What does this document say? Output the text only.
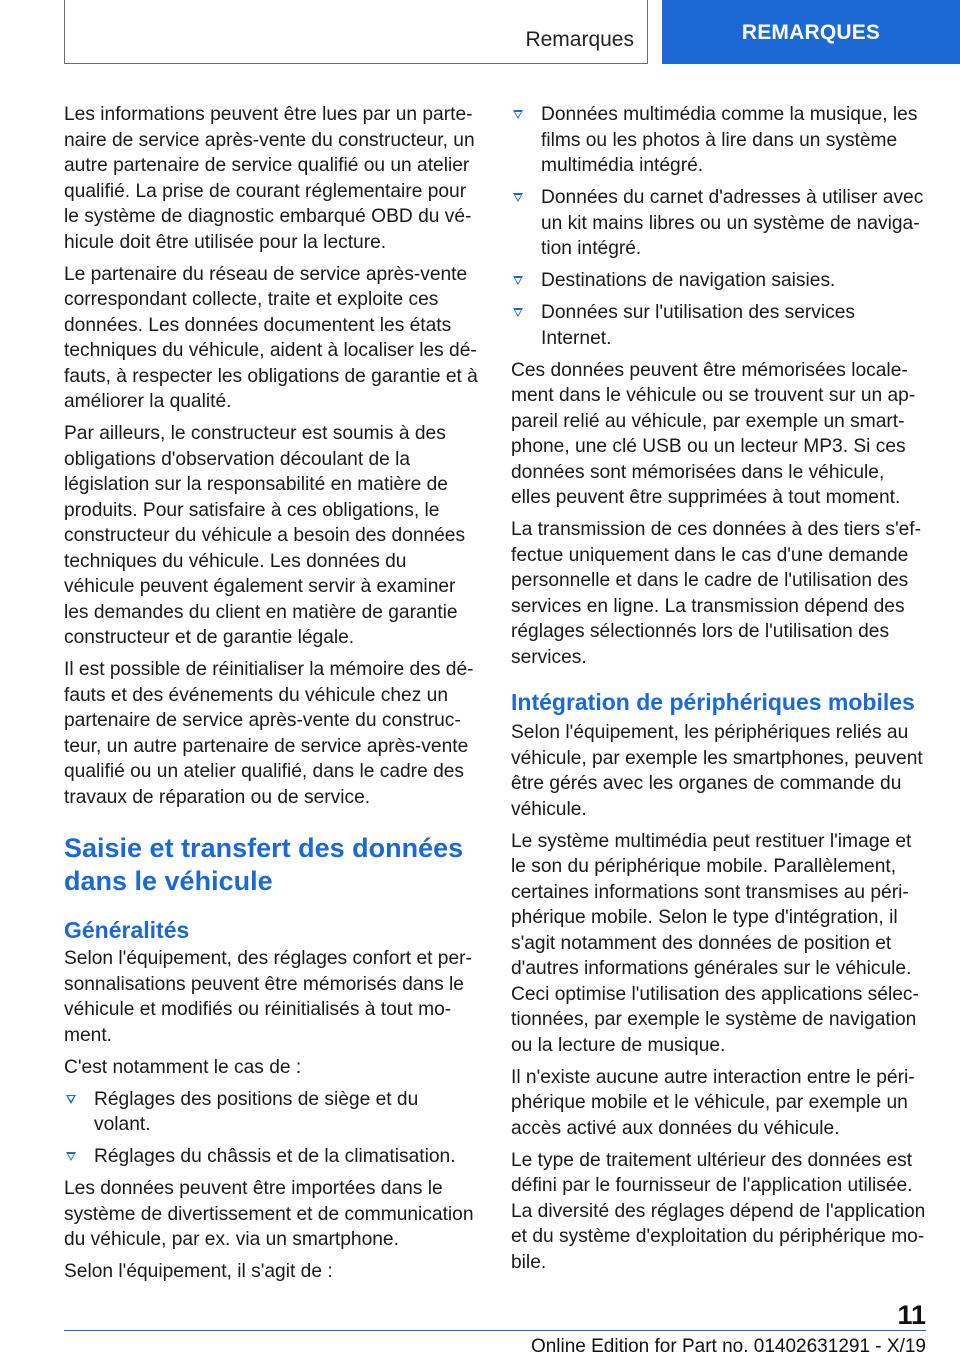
Remarques	REMARQUES

Les informations peuvent être lues par un partenaire de service après-vente du constructeur, un autre partenaire de service qualifié ou un atelier qualifié. La prise de courant réglementaire pour le système de diagnostic embarqué OBD du véhicule doit être utilisée pour la lecture.

Le partenaire du réseau de service après-vente correspondant collecte, traite et exploite ces données. Les données documentent les états techniques du véhicule, aident à localiser les défauts, à respecter les obligations de garantie et à améliorer la qualité.

Par ailleurs, le constructeur est soumis à des obligations d'observation découlant de la législation sur la responsabilité en matière de produits. Pour satisfaire à ces obligations, le constructeur du véhicule a besoin des données techniques du véhicule. Les données du véhicule peuvent également servir à examiner les demandes du client en matière de garantie constructeur et de garantie légale.

Il est possible de réinitialiser la mémoire des défauts et des événements du véhicule chez un partenaire de service après-vente du constructeur, un autre partenaire de service après-vente qualifié ou un atelier qualifié, dans le cadre des travaux de réparation ou de service.

Saisie et transfert des données dans le véhicule
Généralités

Selon l'équipement, des réglages confort et personnalisations peuvent être mémorisés dans le véhicule et modifiés ou réinitialisés à tout moment.

C'est notamment le cas de :

Réglages des positions de siège et du volant.
Réglages du châssis et de la climatisation.

Les données peuvent être importées dans le système de divertissement et de communication du véhicule, par ex. via un smartphone.

Selon l'équipement, il s'agit de :

Données multimédia comme la musique, les films ou les photos à lire dans un système multimédia intégré.
Données du carnet d'adresses à utiliser avec un kit mains libres ou un système de navigation intégré.
Destinations de navigation saisies.
Données sur l'utilisation des services Internet.

Ces données peuvent être mémorisées localement dans le véhicule ou se trouvent sur un appareil relié au véhicule, par exemple un smartphone, une clé USB ou un lecteur MP3. Si ces données sont mémorisées dans le véhicule, elles peuvent être supprimées à tout moment.

La transmission de ces données à des tiers s'effectue uniquement dans le cas d'une demande personnelle et dans le cadre de l'utilisation des services en ligne. La transmission dépend des réglages sélectionnés lors de l'utilisation des services.

Intégration de périphériques mobiles

Selon l'équipement, les périphériques reliés au véhicule, par exemple les smartphones, peuvent être gérés avec les organes de commande du véhicule.

Le système multimédia peut restituer l'image et le son du périphérique mobile. Parallèlement, certaines informations sont transmises au périphérique mobile. Selon le type d'intégration, il s'agit notamment des données de position et d'autres informations générales sur le véhicule. Ceci optimise l'utilisation des applications sélectionnées, par exemple le système de navigation ou la lecture de musique.

Il n'existe aucune autre interaction entre le périphérique mobile et le véhicule, par exemple un accès activé aux données du véhicule.

Le type de traitement ultérieur des données est défini par le fournisseur de l'application utilisée. La diversité des réglages dépend de l'application et du système d'exploitation du périphérique mobile.

11
Online Edition for Part no. 01402631291 - X/19
